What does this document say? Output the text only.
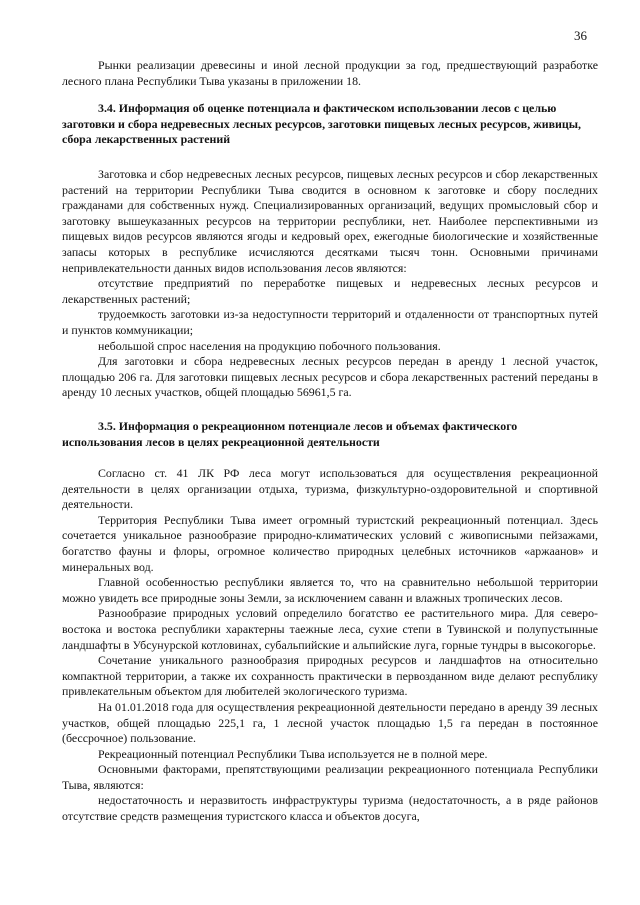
36

Рынки реализации древесины и иной лесной продукции за год, предшествующий разработке лесного плана Республики Тыва указаны в приложении 18.

3.4. Информация об оценке потенциала и фактическом использовании лесов с целью заготовки и сбора недревесных лесных ресурсов, заготовки пищевых лесных ресурсов, живицы, сбора лекарственных растений

Заготовка и сбор недревесных лесных ресурсов, пищевых лесных ресурсов и сбор лекарственных растений на территории Республики Тыва сводится в основном к заготовке и сбору последних гражданами для собственных нужд. Специализированных организаций, ведущих промысловый сбор и заготовку вышеуказанных ресурсов на территории республики, нет. Наиболее перспективными из пищевых видов ресурсов являются ягоды и кедровый орех, ежегодные биологические и хозяйственные запасы которых в республике исчисляются десятками тысяч тонн. Основными причинами непривлекательности данных видов использования лесов являются:

отсутствие предприятий по переработке пищевых и недревесных лесных ресурсов и лекарственных растений;

трудоемкость заготовки из-за недоступности территорий и отдаленности от транспортных путей и пунктов коммуникации;

небольшой спрос населения на продукцию побочного пользования.

Для заготовки и сбора недревесных лесных ресурсов передан в аренду 1 лесной участок, площадью 206 га. Для заготовки пищевых лесных ресурсов и сбора лекарственных растений переданы в аренду 10 лесных участков, общей площадью 56961,5 га.

3.5. Информация о рекреационном потенциале лесов и объемах фактического использования лесов в целях рекреационной деятельности

Согласно ст. 41 ЛК РФ леса могут использоваться для осуществления рекреационной деятельности в целях организации отдыха, туризма, физкультурно-оздоровительной и спортивной деятельности.

Территория Республики Тыва имеет огромный туристский рекреационный потенциал. Здесь сочетается уникальное разнообразие природно-климатических условий с живописными пейзажами, богатство фауны и флоры, огромное количество природных целебных источников «аржаанов» и минеральных вод.

Главной особенностью республики является то, что на сравнительно небольшой территории можно увидеть все природные зоны Земли, за исключением саванн и влажных тропических лесов.

Разнообразие природных условий определило богатство ее растительного мира. Для северо-востока и востока республики характерны таежные леса, сухие степи в Тувинской и полупустынные ландшафты в Убсунурской котловинах, субальпийские и альпийские луга, горные тундры в высокогорье.

Сочетание уникального разнообразия природных ресурсов и ландшафтов на относительно компактной территории, а также их сохранность практически в первозданном виде делают республику привлекательным объектом для любителей экологического туризма.

На 01.01.2018 года для осуществления рекреационной деятельности передано в аренду 39 лесных участков, общей площадью 225,1 га, 1 лесной участок площадью 1,5 га передан в постоянное (бессрочное) пользование.

Рекреационный потенциал Республики Тыва используется не в полной мере.

Основными факторами, препятствующими реализации рекреационного потенциала Республики Тыва, являются:

недостаточность и неразвитость инфраструктуры туризма (недостаточность, а в ряде районов отсутствие средств размещения туристского класса и объектов досуга,
